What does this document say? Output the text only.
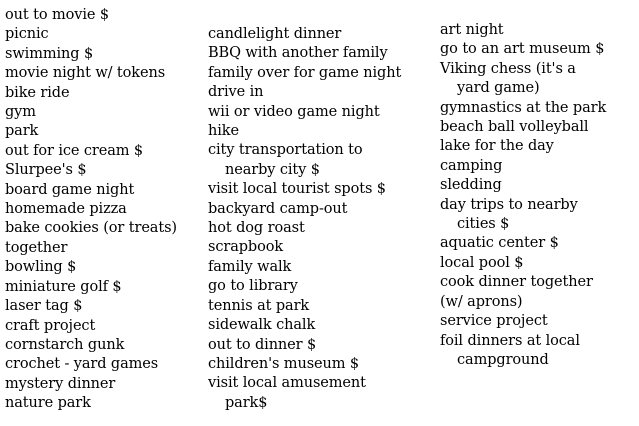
out to movie $
picnic
swimming $
movie night w/ tokens
bike ride
gym
park
out for ice cream $
Slurpee's $
board game night
homemade pizza
bake cookies (or treats)
together
bowling $
miniature golf $
laser tag $
craft project
cornstarch gunk
crochet - yard games
mystery dinner
nature park
candlelight dinner
BBQ with another family
family over for game night
drive in
wii or video game night
hike
city transportation to
nearby city $
visit local tourist spots $
backyard camp-out
hot dog roast
scrapbook
family walk
go to library
tennis at park
sidewalk chalk
out to dinner $
children's museum $
visit local amusement
park$
art night
go to an art museum $
Viking chess (it's a
yard game)
gymnastics at the park
beach ball volleyball
lake for the day
camping
sledding
day trips to nearby
cities $
aquatic center $
local pool $
cook dinner together
(w/ aprons)
service project
foil dinners at local
campground
